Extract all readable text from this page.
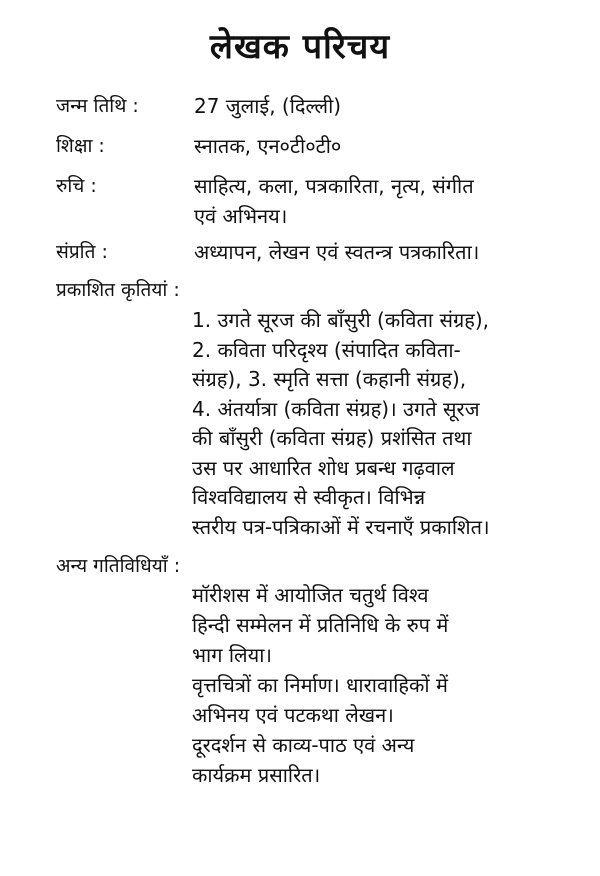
लेखक परिचय
जन्म तिथि :	27 जुलाई, (दिल्ली)
शिक्षा :	स्नातक, एन०टी०टी०
रुचि :	साहित्य, कला, पत्रकारिता, नृत्य, संगीत
एवं अभिनय।
संप्रति :	अध्यापन, लेखन एवं स्वतन्त्र पत्रकारिता।
प्रकाशित कृतियां :
1. उगते सूरज की बाँसुरी (कविता संग्रह),
2. कविता परिदृश्य (संपादित कविता-
संग्रह), 3. स्मृति सत्ता (कहानी संग्रह),
4. अंतर्यात्रा (कविता संग्रह)। उगते सूरज
की बाँसुरी (कविता संग्रह) प्रशंसित तथा
उस पर आधारित शोध प्रबन्ध गढ़वाल
विश्वविद्यालय से स्वीकृत। विभिन्न
स्तरीय पत्र-पत्रिकाओं में रचनाएँ प्रकाशित।
अन्य गतिविधियाँ :
मॉरीशस में आयोजित चतुर्थ विश्व
हिन्दी सम्मेलन में प्रतिनिधि के रुप में
भाग लिया।
वृत्तचित्रों का निर्माण। धारावाहिकों में
अभिनय एवं पटकथा लेखन।
दूरदर्शन से काव्य-पाठ एवं अन्य
कार्यक्रम प्रसारित।
